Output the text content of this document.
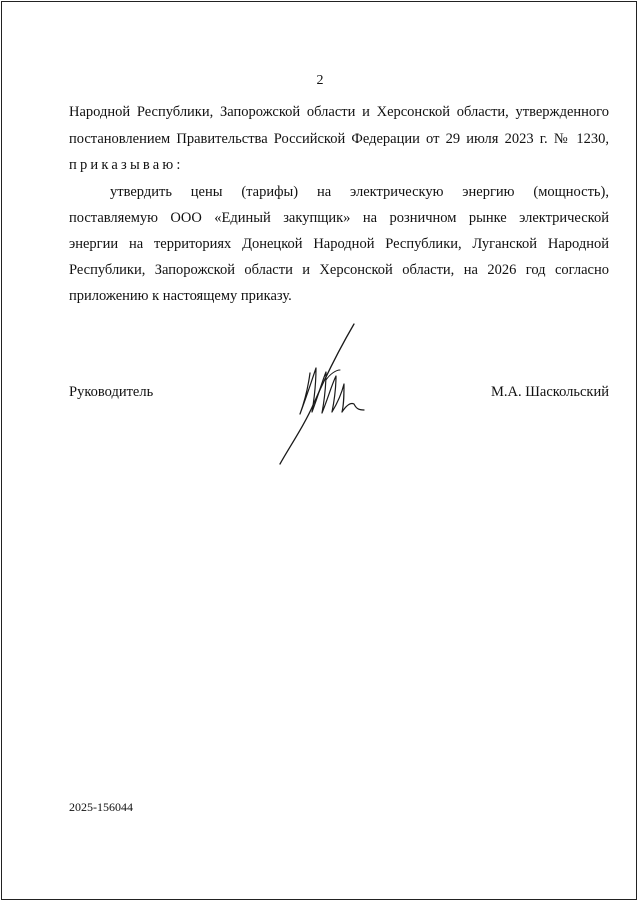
2
Народной Республики, Запорожской области и Херсонской области, утвержденного
постановлением Правительства Российской Федерации от 29 июля 2023 г. № 1230,
приказываю:
утвердить цены (тарифы) на электрическую энергию (мощность),
поставляемую ООО «Единый закупщик» на розничном рынке электрической
энергии на территориях Донецкой Народной Республики, Луганской Народной
Республики, Запорожской области и Херсонской области, на 2026 год согласно
приложению к настоящему приказу.
Руководитель	М.А. Шаскольский
2025-156044
